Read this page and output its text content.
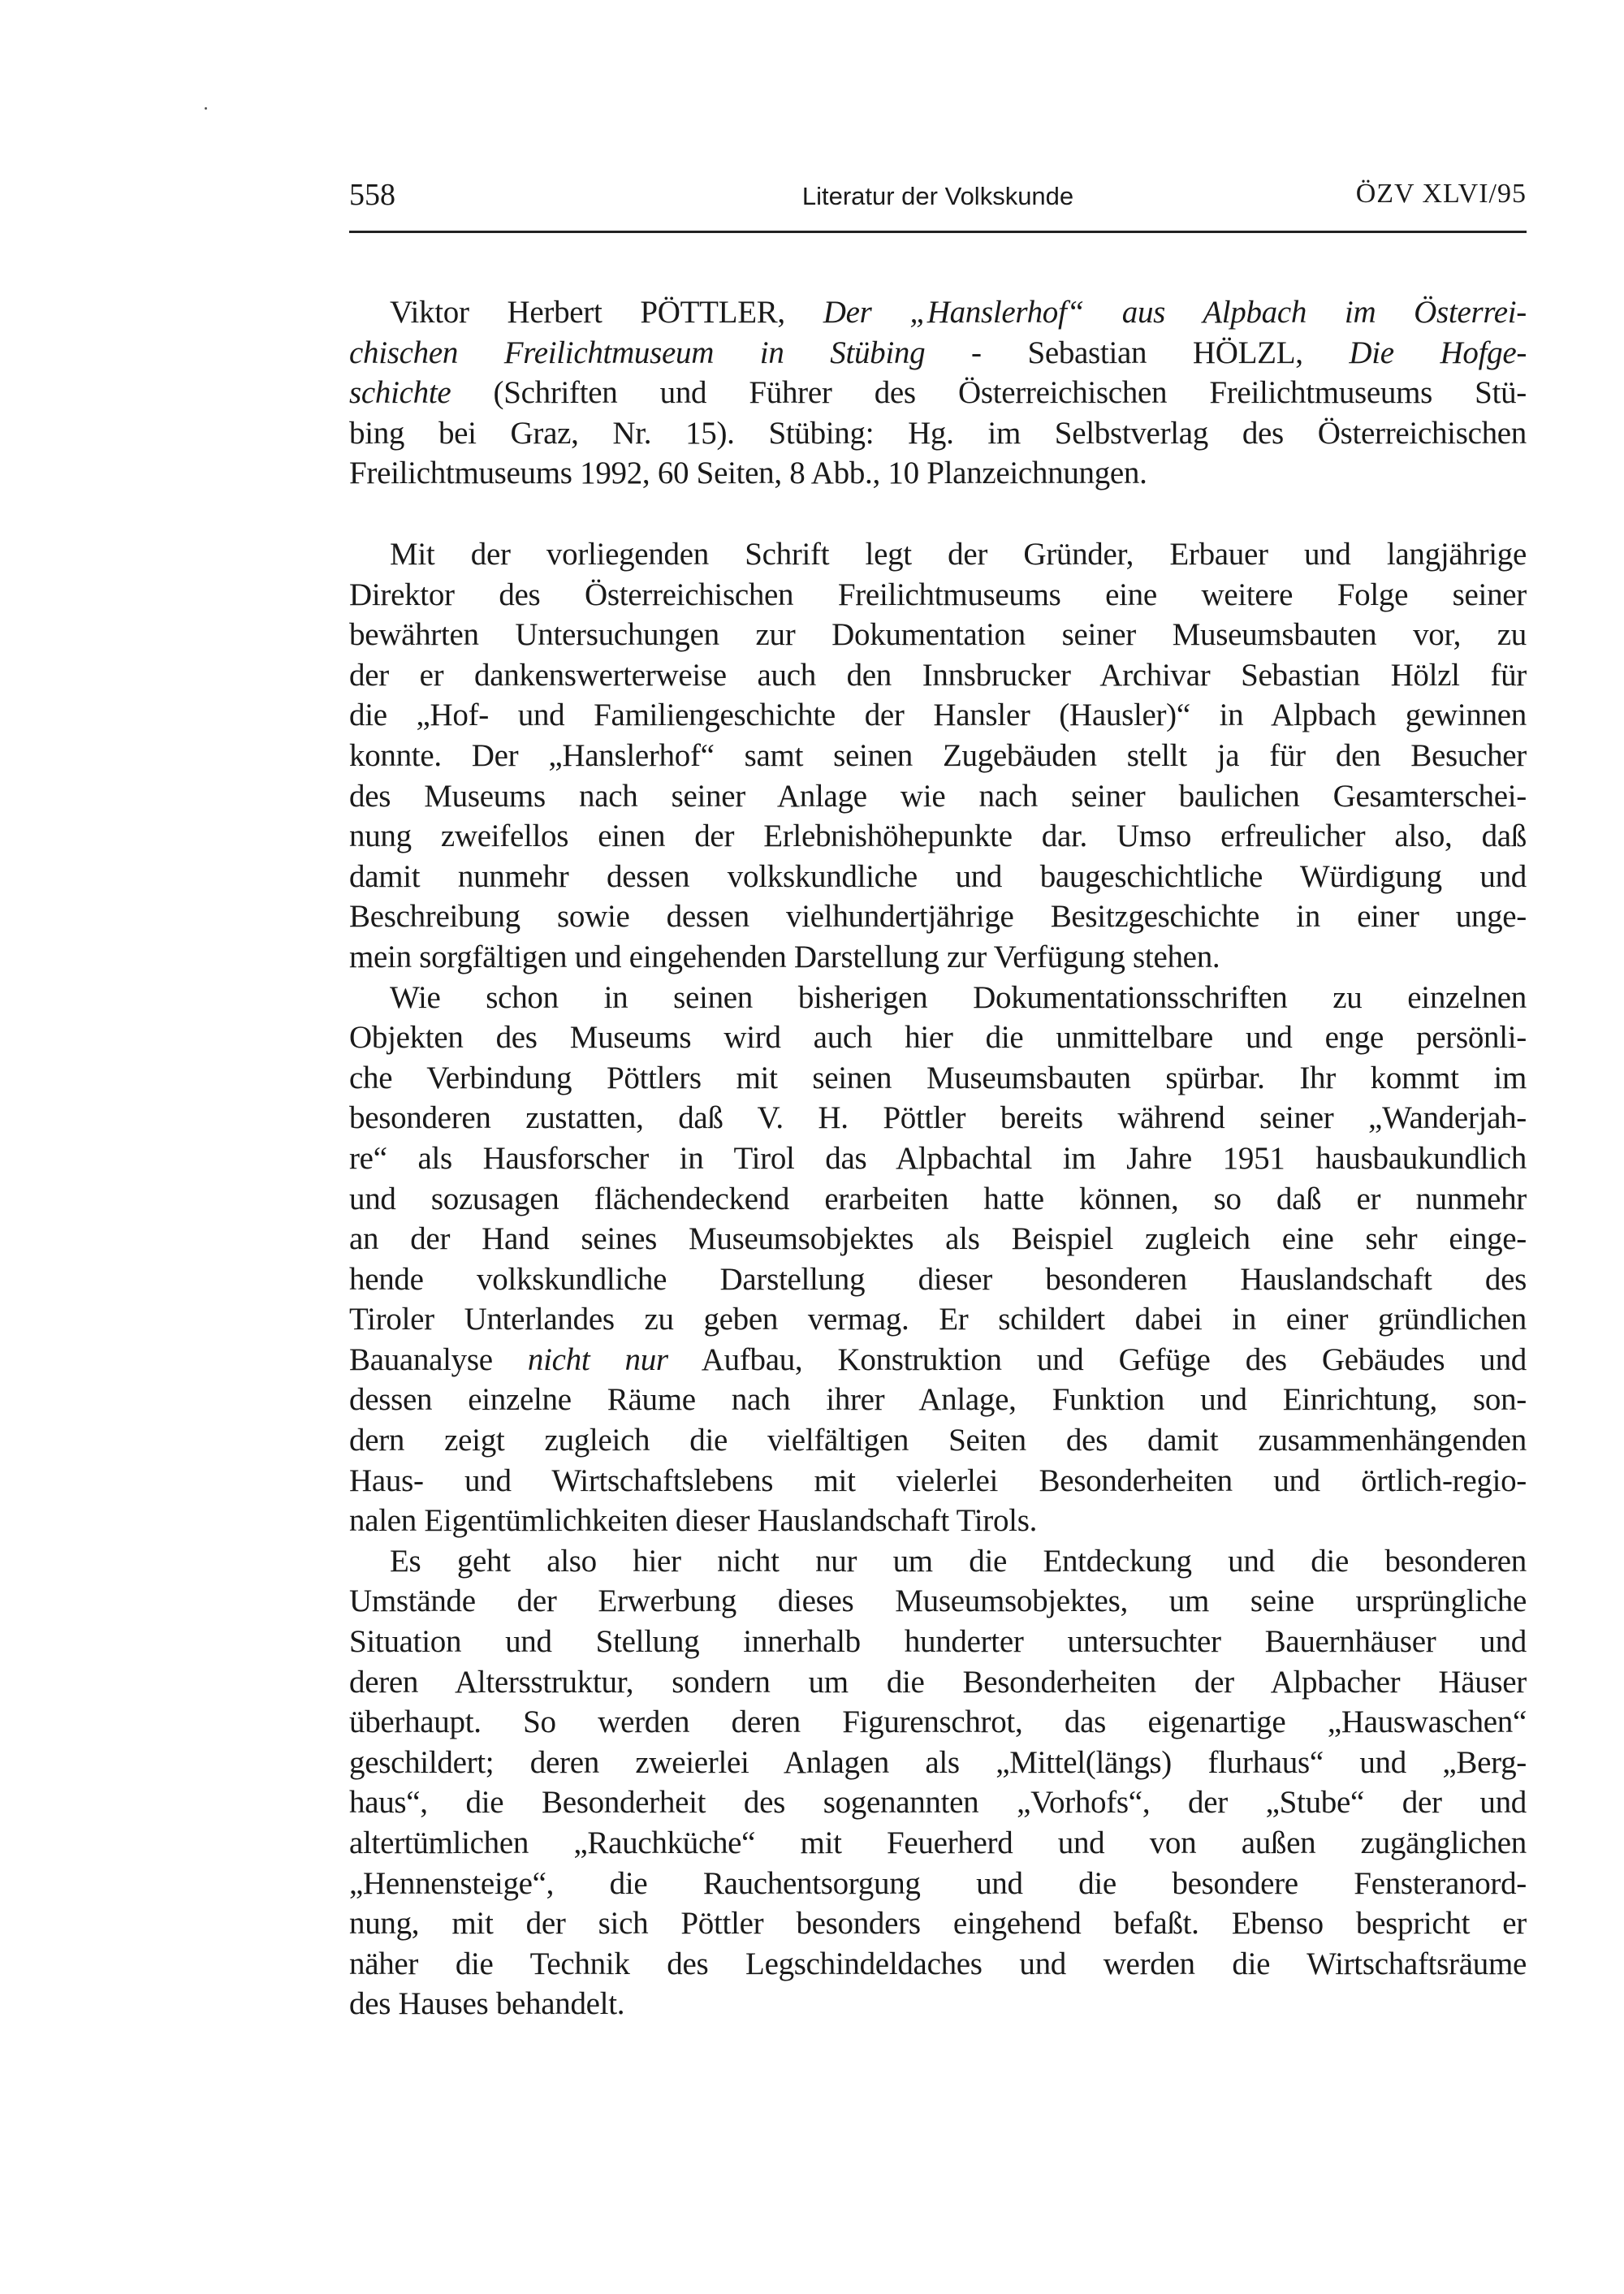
558	Literatur der Volkskunde	ÖZV XLVI/95
Viktor Herbert PÖTTLER, Der „Hanslerhof“ aus Alpbach im Österrei-
chischen Freilichtmuseum in Stübing - Sebastian HÖLZL, Die Hofge-
schichte (Schriften und Führer des Österreichischen Freilichtmuseums Stü-
bing bei Graz, Nr. 15). Stübing: Hg. im Selbstverlag des Österreichischen
Freilichtmuseums 1992, 60 Seiten, 8 Abb., 10 Planzeichnungen.
Mit der vorliegenden Schrift legt der Gründer, Erbauer und langjährige
Direktor des Österreichischen Freilichtmuseums eine weitere Folge seiner
bewährten Untersuchungen zur Dokumentation seiner Museumsbauten vor, zu
der er dankenswerterweise auch den Innsbrucker Archivar Sebastian Hölzl für
die „Hof- und Familiengeschichte der Hansler (Hausler)“ in Alpbach gewinnen
konnte. Der „Hanslerhof“ samt seinen Zugebäuden stellt ja für den Besucher
des Museums nach seiner Anlage wie nach seiner baulichen Gesamterschei-
nung zweifellos einen der Erlebnishöhepunkte dar. Umso erfreulicher also, daß
damit nunmehr dessen volkskundliche und baugeschichtliche Würdigung und
Beschreibung sowie dessen vielhundertjährige Besitzgeschichte in einer unge-
mein sorgfältigen und eingehenden Darstellung zur Verfügung stehen.
Wie schon in seinen bisherigen Dokumentationsschriften zu einzelnen
Objekten des Museums wird auch hier die unmittelbare und enge persönli-
che Verbindung Pöttlers mit seinen Museumsbauten spürbar. Ihr kommt im
besonderen zustatten, daß V. H. Pöttler bereits während seiner „Wanderjah-
re“ als Hausforscher in Tirol das Alpbachtal im Jahre 1951 hausbaukundlich
und sozusagen flächendeckend erarbeiten hatte können, so daß er nunmehr
an der Hand seines Museumsobjektes als Beispiel zugleich eine sehr einge-
hende volkskundliche Darstellung dieser besonderen Hauslandschaft des
Tiroler Unterlandes zu geben vermag. Er schildert dabei in einer gründlichen
Bauanalyse nicht nur Aufbau, Konstruktion und Gefüge des Gebäudes und
dessen einzelne Räume nach ihrer Anlage, Funktion und Einrichtung, son-
dern zeigt zugleich die vielfältigen Seiten des damit zusammenhängenden
Haus- und Wirtschaftslebens mit vielerlei Besonderheiten und örtlich-regio-
nalen Eigentümlichkeiten dieser Hauslandschaft Tirols.
Es geht also hier nicht nur um die Entdeckung und die besonderen
Umstände der Erwerbung dieses Museumsobjektes, um seine ursprüngliche
Situation und Stellung innerhalb hunderter untersuchter Bauernhäuser und
deren Altersstruktur, sondern um die Besonderheiten der Alpbacher Häuser
überhaupt. So werden deren Figurenschrot, das eigenartige „Hauswaschen“
geschildert; deren zweierlei Anlagen als „Mittel(längs) flurhaus“ und „Berg-
haus“, die Besonderheit des sogenannten „Vorhofs“, der „Stube“ der und
altertümlichen „Rauchküche“ mit Feuerherd und von außen zugänglichen
„Hennensteige“, die Rauchentsorgung und die besondere Fensteranord-
nung, mit der sich Pöttler besonders eingehend befaßt. Ebenso bespricht er
näher die Technik des Legschindeldaches und werden die Wirtschaftsräume
des Hauses behandelt.
